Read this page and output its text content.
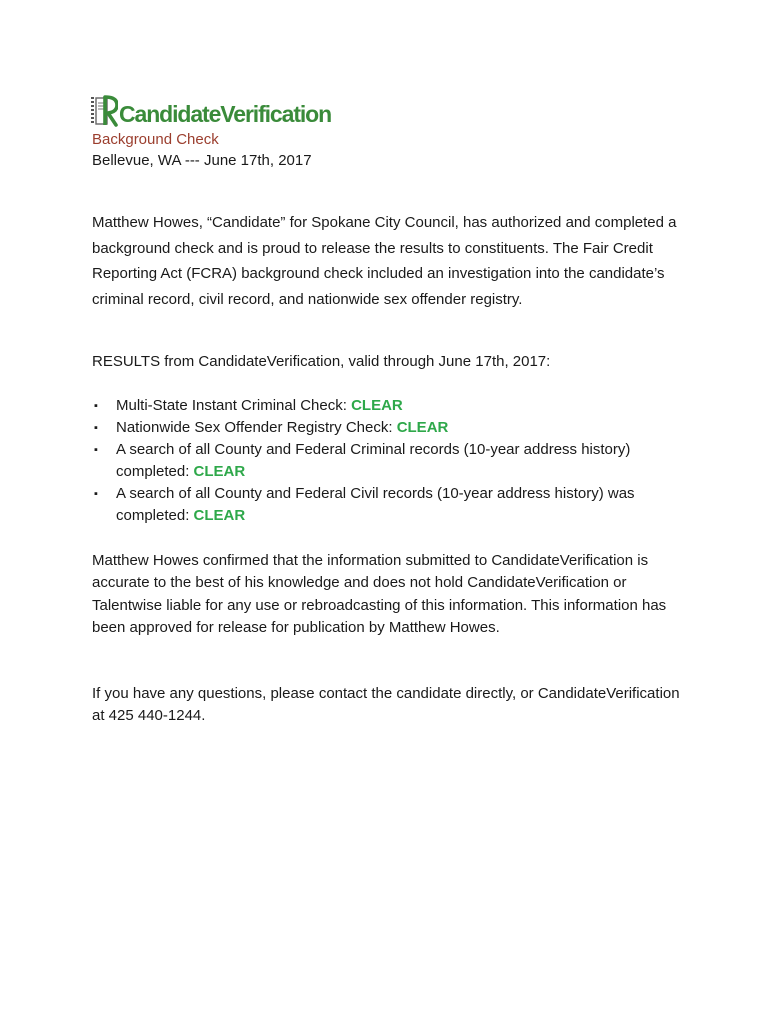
CandidateVerification
Background Check
Bellevue, WA --- June 17th, 2017

Matthew Howes, “Candidate” for Spokane City Council, has authorized and completed a background check and is proud to release the results to constituents. The Fair Credit Reporting Act (FCRA) background check included an investigation into the candidate’s criminal record, civil record, and nationwide sex offender registry.

RESULTS from CandidateVerification, valid through June 17th, 2017:

▪ Multi-State Instant Criminal Check: CLEAR
▪ Nationwide Sex Offender Registry Check: CLEAR
▪ A search of all County and Federal Criminal records (10-year address history) completed: CLEAR
▪ A search of all County and Federal Civil records (10-year address history) was completed: CLEAR

Matthew Howes confirmed that the information submitted to CandidateVerification is accurate to the best of his knowledge and does not hold CandidateVerification or Talentwise liable for any use or rebroadcasting of this information. This information has been approved for release for publication by Matthew Howes.

If you have any questions, please contact the candidate directly, or CandidateVerification at 425 440-1244.
